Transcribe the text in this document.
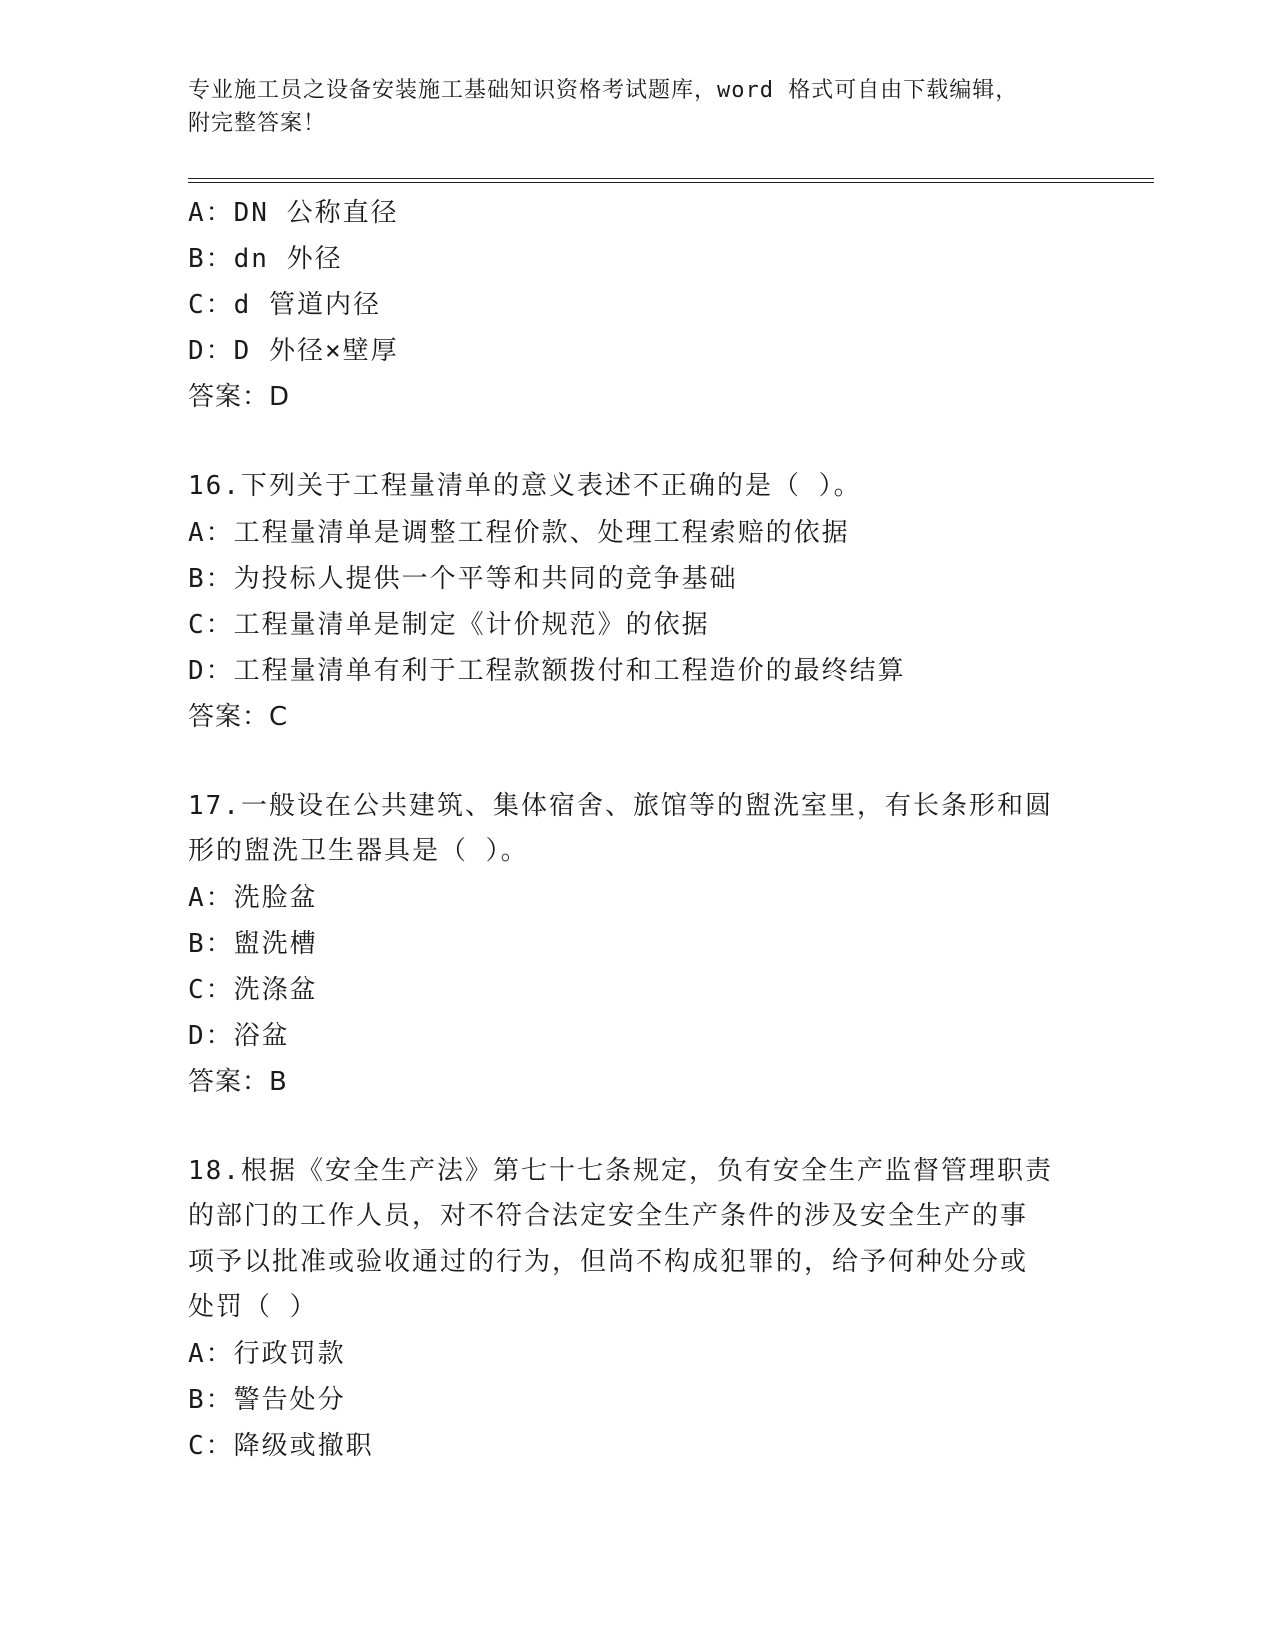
专业施工员之设备安装施工基础知识资格考试题库，word 格式可自由下载编辑，
附完整答案！
A：DN 公称直径
B：dn 外径
C：d 管道内径
D：D 外径×壁厚
答案：D
16.下列关于工程量清单的意义表述不正确的是（ ）。
A：工程量清单是调整工程价款、处理工程索赔的依据
B：为投标人提供一个平等和共同的竞争基础
C：工程量清单是制定《计价规范》的依据
D：工程量清单有利于工程款额拨付和工程造价的最终结算
答案：C
17.一般设在公共建筑、集体宿舍、旅馆等的盥洗室里，有长条形和圆
形的盥洗卫生器具是（ ）。
A：洗脸盆
B：盥洗槽
C：洗涤盆
D：浴盆
答案：B
18.根据《安全生产法》第七十七条规定，负有安全生产监督管理职责
的部门的工作人员，对不符合法定安全生产条件的涉及安全生产的事
项予以批准或验收通过的行为，但尚不构成犯罪的，给予何种处分或
处罚（ ）
A：行政罚款
B：警告处分
C：降级或撤职
